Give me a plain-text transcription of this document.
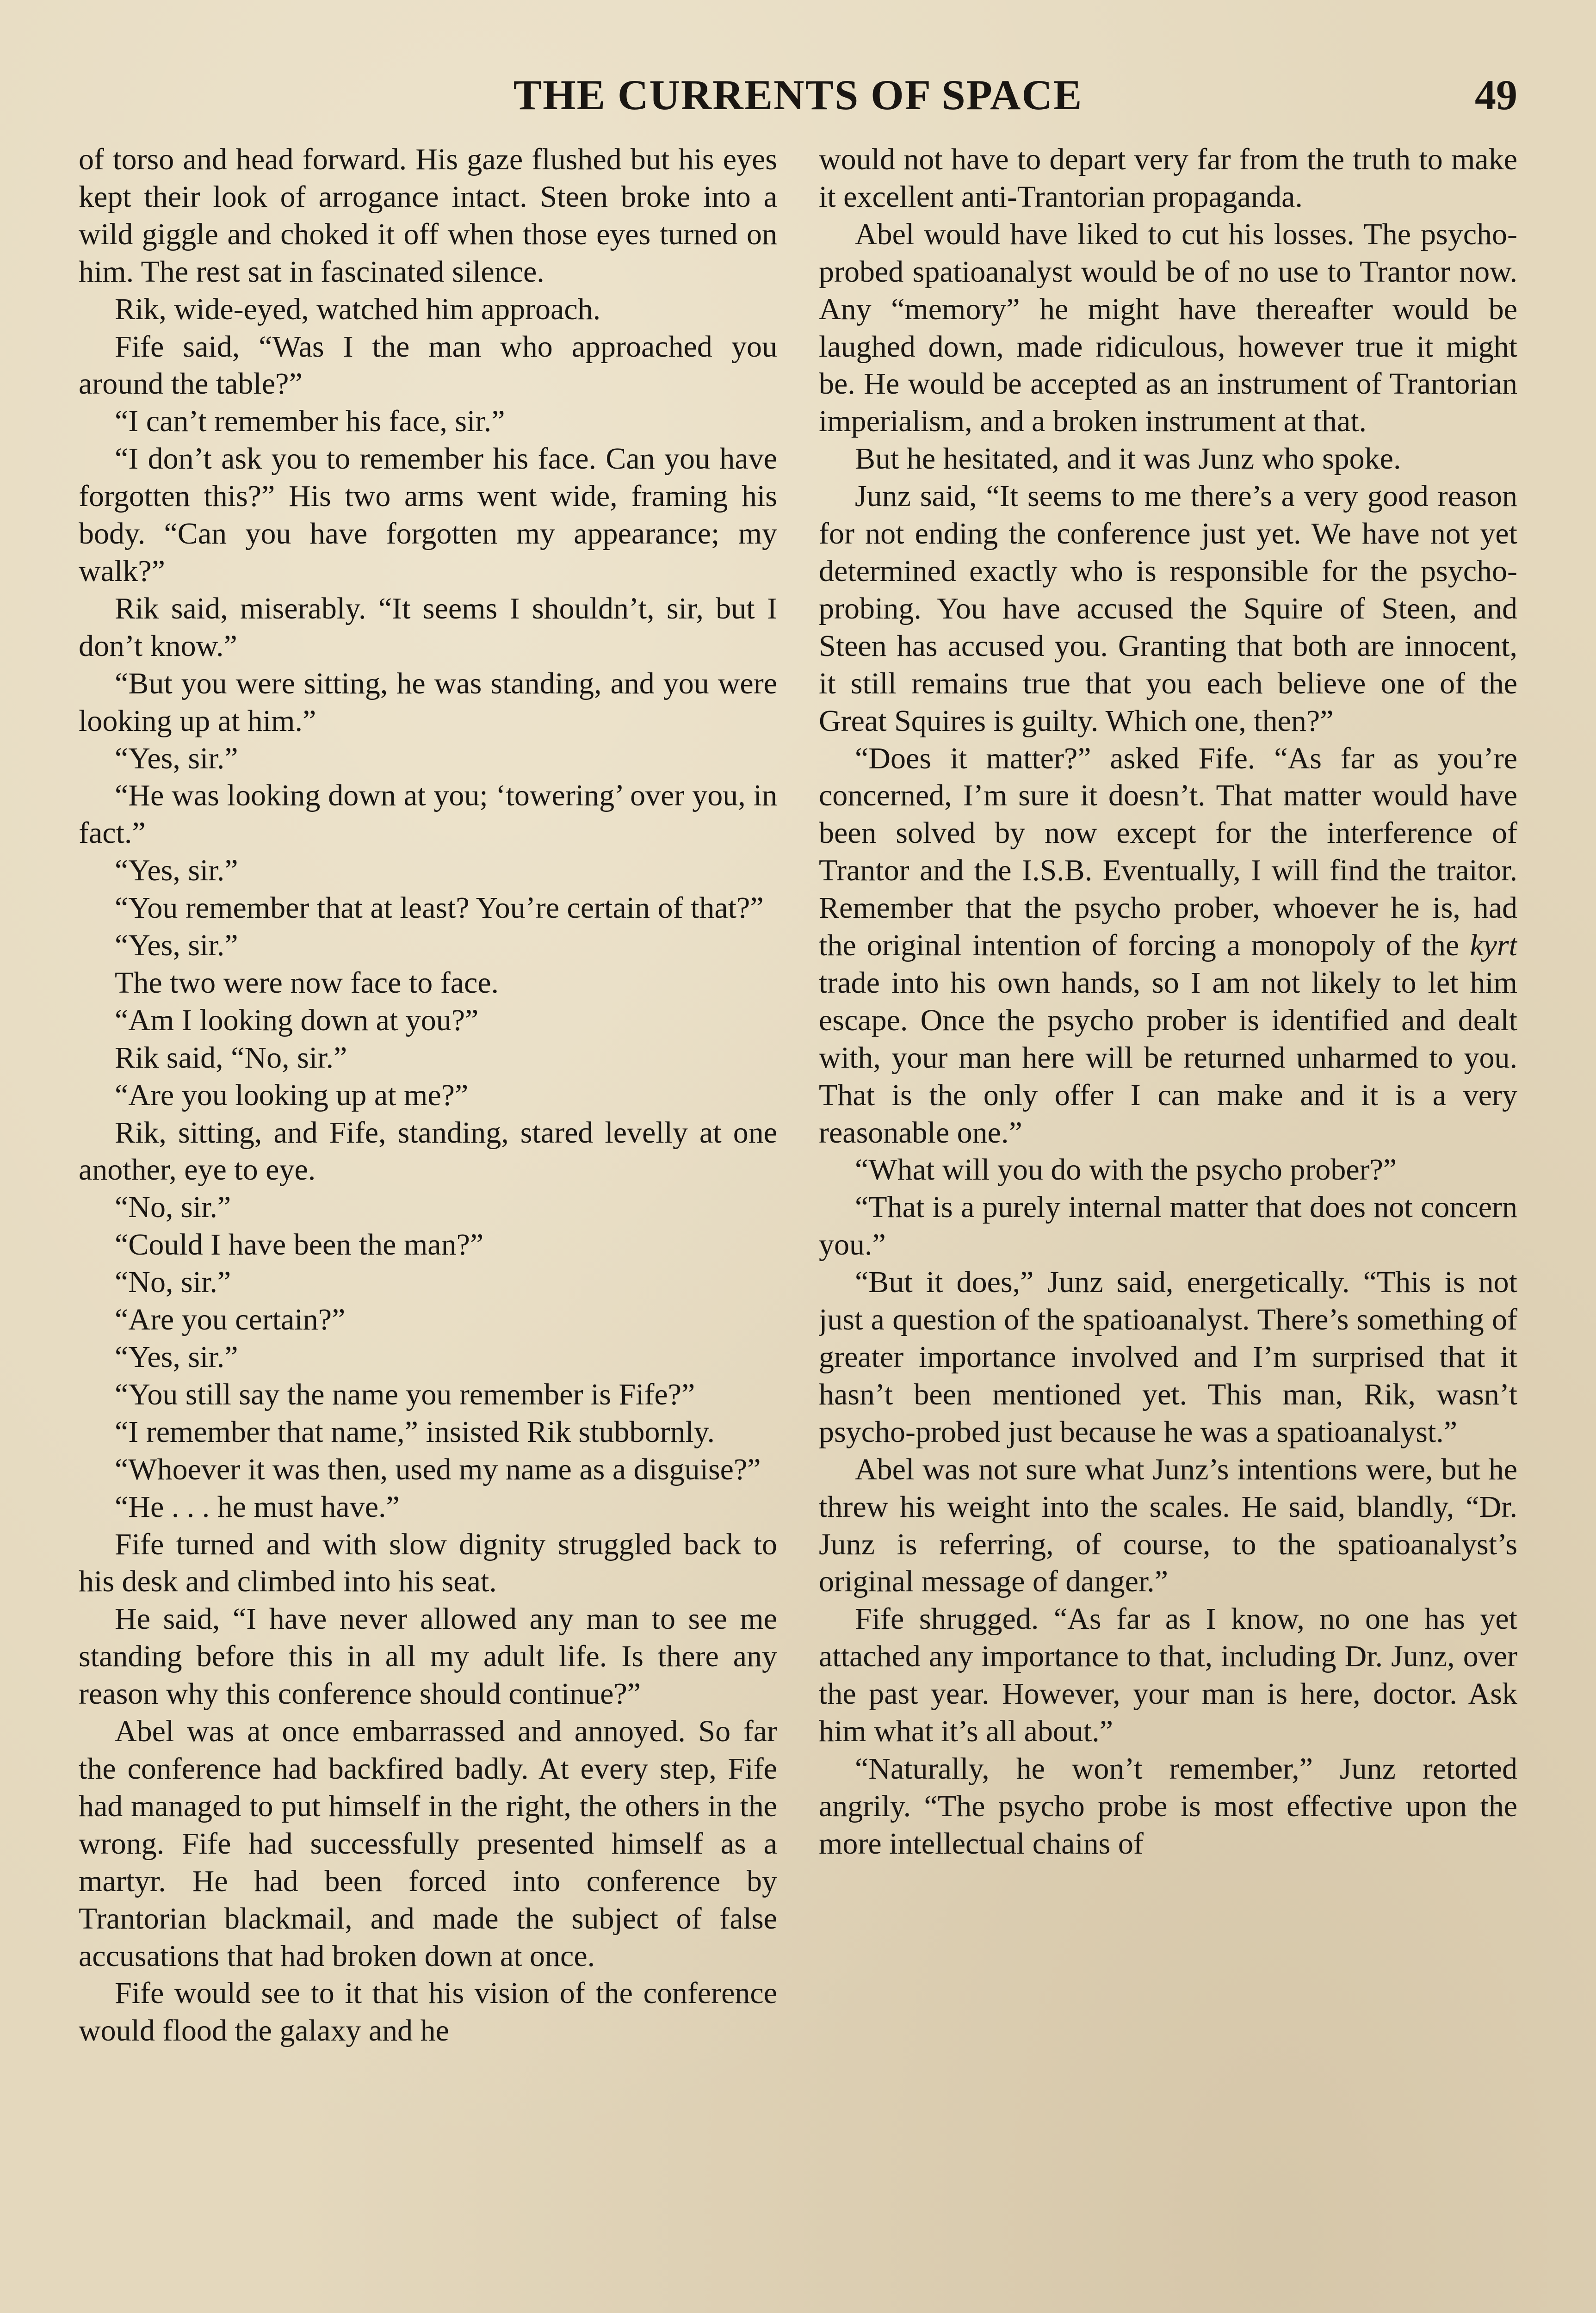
THE CURRENTS OF SPACE	49

of torso and head forward. His gaze flushed but his eyes kept their look of arrogance intact. Steen broke into a wild giggle and choked it off when those eyes turned on him. The rest sat in fascinated silence.

Rik, wide-eyed, watched him approach.

Fife said, “Was I the man who approached you around the table?”

“I can’t remember his face, sir.”

“I don’t ask you to remember his face. Can you have forgotten this?” His two arms went wide, framing his body. “Can you have forgotten my appearance; my walk?”

Rik said, miserably. “It seems I shouldn’t, sir, but I don’t know.”

“But you were sitting, he was standing, and you were looking up at him.”

“Yes, sir.”

“He was looking down at you; ‘towering’ over you, in fact.”

“Yes, sir.”

“You remember that at least? You’re certain of that?”

“Yes, sir.”

The two were now face to face.

“Am I looking down at you?”

Rik said, “No, sir.”

“Are you looking up at me?”

Rik, sitting, and Fife, standing, stared levelly at one another, eye to eye.

“No, sir.”

“Could I have been the man?”

“No, sir.”

“Are you certain?”

“Yes, sir.”

“You still say the name you remember is Fife?”

“I remember that name,” insisted Rik stubbornly.

“Whoever it was then, used my name as a disguise?”

“He . . . he must have.”

Fife turned and with slow dignity struggled back to his desk and climbed into his seat.

He said, “I have never allowed any man to see me standing before this in all my adult life. Is there any reason why this conference should continue?”

Abel was at once embarrassed and annoyed. So far the conference had backfired badly. At every step, Fife had managed to put himself in the right, the others in the wrong. Fife had successfully presented himself as a martyr. He had been forced into conference by Trantorian blackmail, and made the subject of false accusations that had broken down at once.

Fife would see to it that his vision of the conference would flood the galaxy and he

would not have to depart very far from the truth to make it excellent anti-Trantorian propaganda.

Abel would have liked to cut his losses. The psycho-probed spatioanalyst would be of no use to Trantor now. Any “memory” he might have thereafter would be laughed down, made ridiculous, however true it might be. He would be accepted as an instrument of Trantorian imperialism, and a broken instrument at that.

But he hesitated, and it was Junz who spoke.

Junz said, “It seems to me there’s a very good reason for not ending the conference just yet. We have not yet determined exactly who is responsible for the psycho-probing. You have accused the Squire of Steen, and Steen has accused you. Granting that both are innocent, it still remains true that you each believe one of the Great Squires is guilty. Which one, then?”

“Does it matter?” asked Fife. “As far as you’re concerned, I’m sure it doesn’t. That matter would have been solved by now except for the interference of Trantor and the I.S.B. Eventually, I will find the traitor. Remember that the psycho prober, whoever he is, had the original intention of forcing a monopoly of the kyrt trade into his own hands, so I am not likely to let him escape. Once the psycho prober is identified and dealt with, your man here will be returned unharmed to you. That is the only offer I can make and it is a very reasonable one.”

“What will you do with the psycho prober?”

“That is a purely internal matter that does not concern you.”

“But it does,” Junz said, energetically. “This is not just a question of the spatioanalyst. There’s something of greater importance involved and I’m surprised that it hasn’t been mentioned yet. This man, Rik, wasn’t psycho-probed just because he was a spatioanalyst.”

Abel was not sure what Junz’s intentions were, but he threw his weight into the scales. He said, blandly, “Dr. Junz is referring, of course, to the spatioanalyst’s original message of danger.”

Fife shrugged. “As far as I know, no one has yet attached any importance to that, including Dr. Junz, over the past year. However, your man is here, doctor. Ask him what it’s all about.”

“Naturally, he won’t remember,” Junz retorted angrily. “The psycho probe is most effective upon the more intellectual chains of
